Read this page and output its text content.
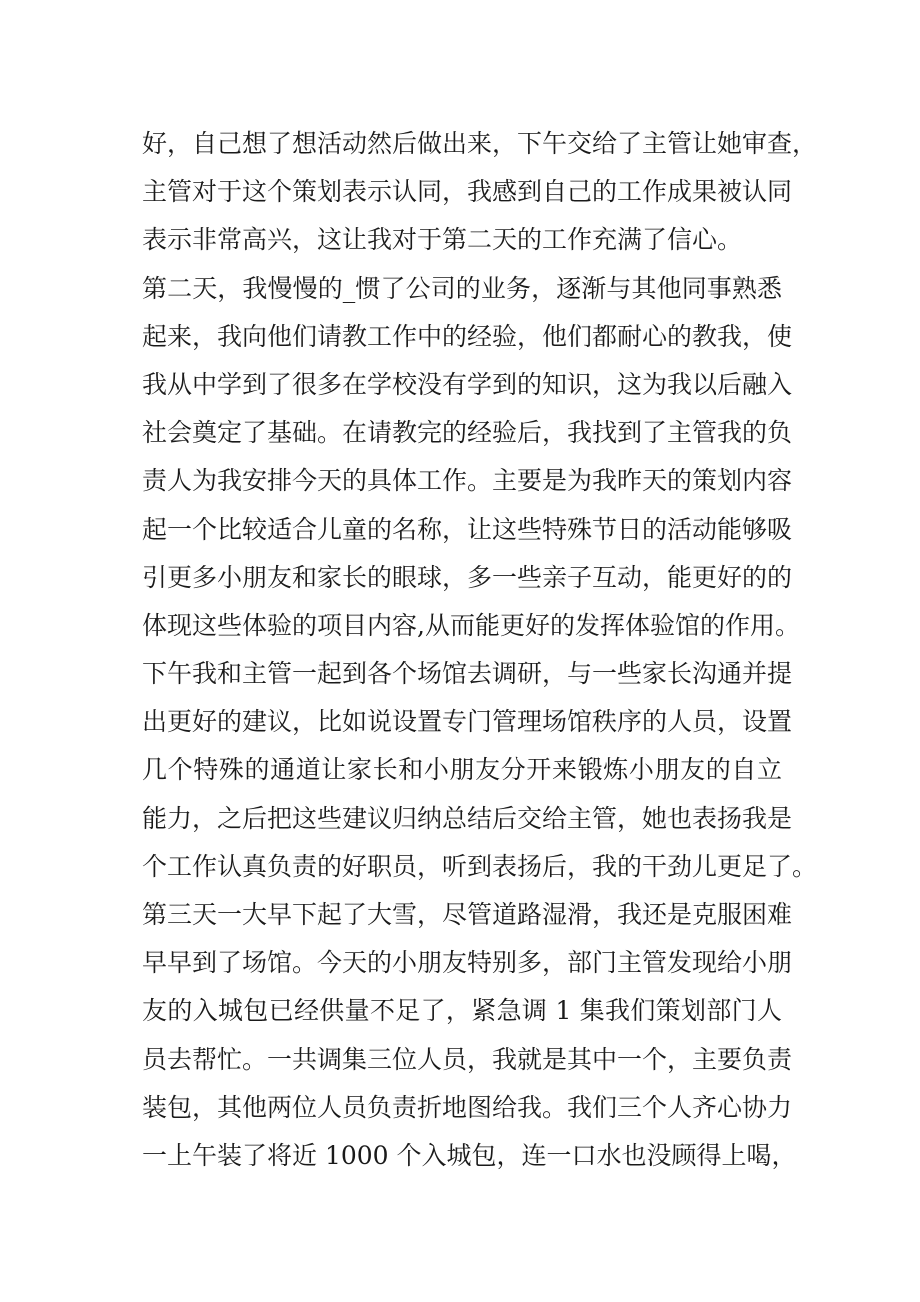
好，自己想了想活动然后做出来，下午交给了主管让她审查，
主管对于这个策划表示认同，我感到自己的工作成果被认同
表示非常高兴，这让我对于第二天的工作充满了信心。
第二天，我慢慢的_惯了公司的业务，逐渐与其他同事熟悉
起来，我向他们请教工作中的经验，他们都耐心的教我，使
我从中学到了很多在学校没有学到的知识，这为我以后融入
社会奠定了基础。在请教完的经验后，我找到了主管我的负
责人为我安排今天的具体工作。主要是为我昨天的策划内容
起一个比较适合儿童的名称，让这些特殊节日的活动能够吸
引更多小朋友和家长的眼球，多一些亲子互动，能更好的的
体现这些体验的项目内容,从而能更好的发挥体验馆的作用。
下午我和主管一起到各个场馆去调研，与一些家长沟通并提
出更好的建议，比如说设置专门管理场馆秩序的人员，设置
几个特殊的通道让家长和小朋友分开来锻炼小朋友的自立
能力，之后把这些建议归纳总结后交给主管，她也表扬我是
个工作认真负责的好职员，听到表扬后，我的干劲儿更足了。
第三天一大早下起了大雪，尽管道路湿滑，我还是克服困难
早早到了场馆。今天的小朋友特别多，部门主管发现给小朋
友的入城包已经供量不足了，紧急调 1 集我们策划部门人
员去帮忙。一共调集三位人员，我就是其中一个，主要负责
装包，其他两位人员负责折地图给我。我们三个人齐心协力
一上午装了将近 1000 个入城包，连一口水也没顾得上喝，
